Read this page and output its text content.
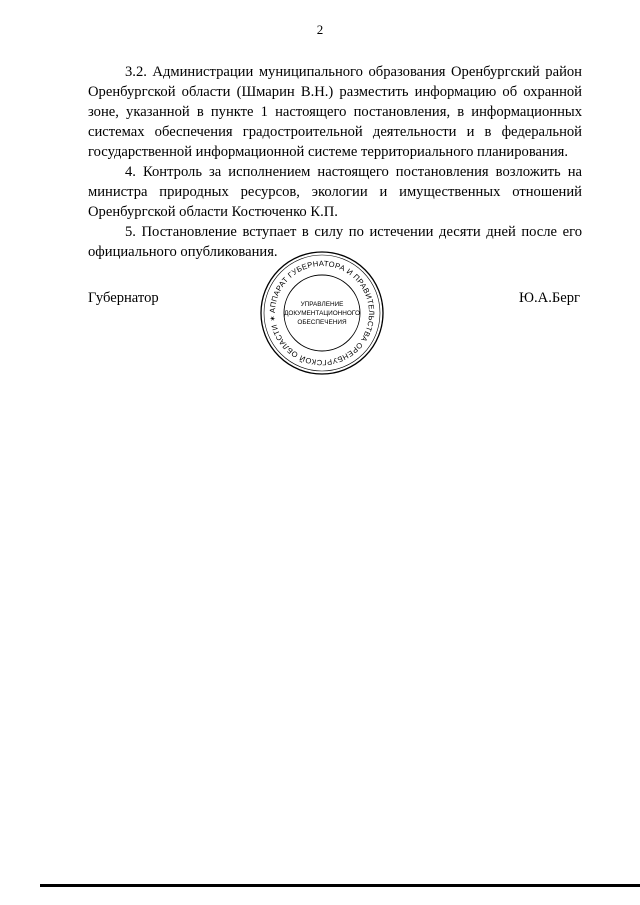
2

3.2. Администрации муниципального образования Оренбургский район Оренбургской области (Шмарин В.Н.) разместить информацию об охранной зоне, указанной в пункте 1 настоящего постановления, в информационных системах обеспечения градостроительной деятельности и в федеральной государственной информационной системе территориального планирования.

4. Контроль за исполнением настоящего постановления возложить на министра природных ресурсов, экологии и имущественных отношений Оренбургской области Костюченко К.П.

5. Постановление вступает в силу по истечении десяти дней после его официального опубликования.

Губернатор
АППАРАТ ГУБЕРНАТОРА И ПРАВИТЕЛЬСТВА ОРЕНБУРГСКОЙ ОБЛАСТИ ✶
УПРАВЛЕНИЕ
ДОКУМЕНТАЦИОННОГО
ОБЕСПЕЧЕНИЯ
Ю.А.Берг
